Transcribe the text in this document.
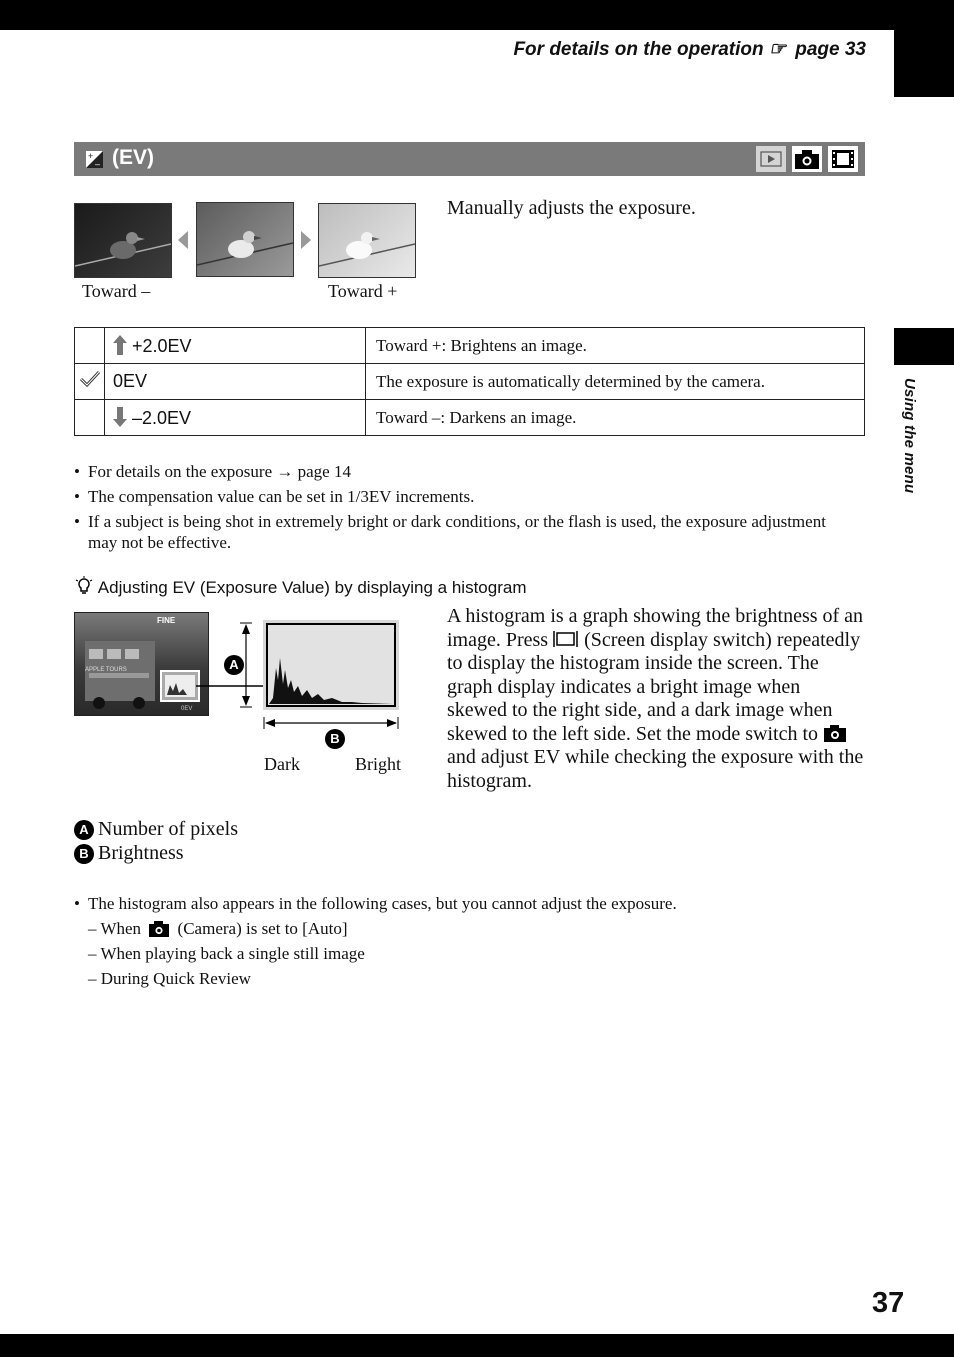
Using the menu
For details on the operation ☞ page 33
+
– (EV)
Toward –	Toward +
Manually adjusts the exposure.
	+2.0EV	Toward +: Brightens an image.
	0EV	The exposure is automatically determined by the camera.
	–2.0EV	Toward –: Darkens an image.
• For details on the exposure → page 14
• The compensation value can be set in 1/3EV increments.
• If a subject is being shot in extremely bright or dark conditions, or the flash is used, the exposure adjustment may not be effective.
Adjusting EV (Exposure Value) by displaying a histogram
APPLE TOURS
FINE
0EV
A
B
Dark	Bright
A histogram is a graph showing the brightness of an image. Press (Screen display switch) repeatedly to display the histogram inside the screen. The graph display indicates a bright image when skewed to the right side, and a dark image when skewed to the left side. Set the mode switch to  and adjust EV while checking the exposure with the histogram.
A Number of pixels
B Brightness
• The histogram also appears in the following cases, but you cannot adjust the exposure.
– When (Camera) is set to [Auto]
– When playing back a single still image
– During Quick Review
37
